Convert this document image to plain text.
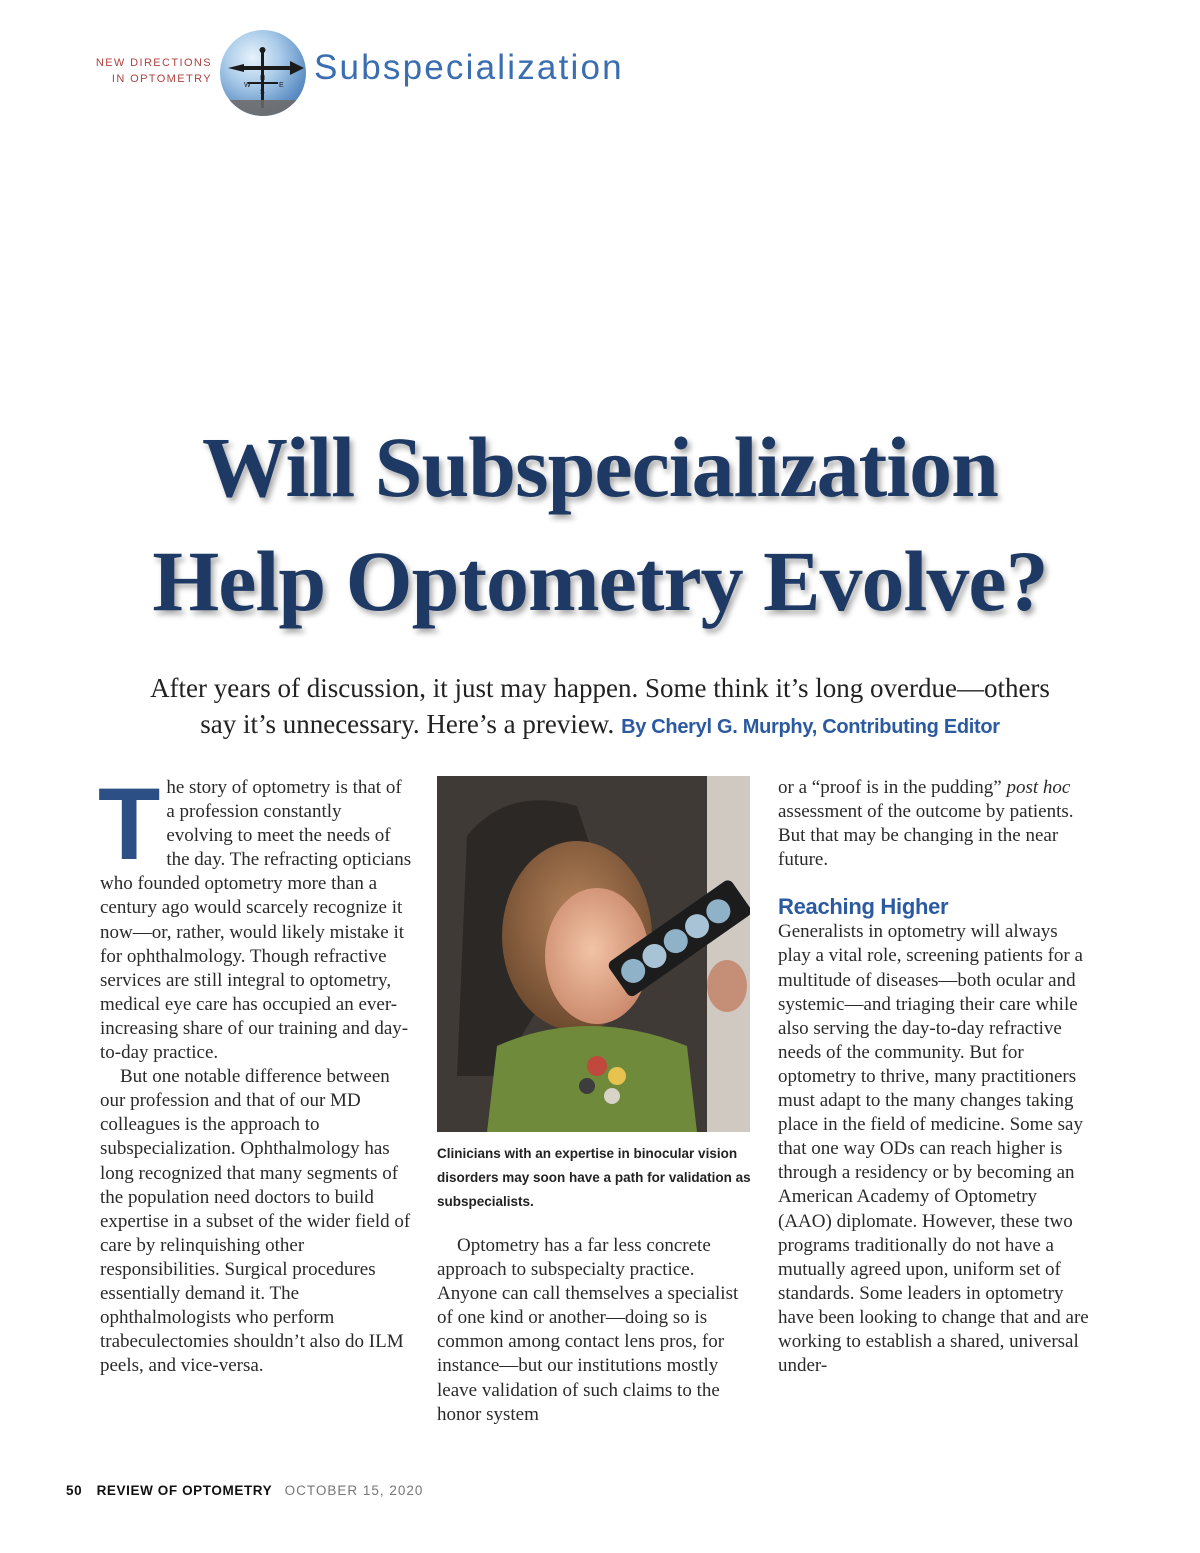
NEW DIRECTIONS
IN OPTOMETRY
W	E
N
S
Subspecialization
Will Subspecialization
Help Optometry Evolve?
After years of discussion, it just may happen. Some think it’s long overdue—others
say it’s unnecessary. Here’s a preview. By Cheryl G. Murphy, Contributing Editor

The story of optometry is that of a profession constantly evolving to meet the needs of the day. The refracting opticians who founded optometry more than a century ago would scarcely recognize it now—or, rather, would likely mistake it for ophthalmology. Though refractive services are still integral to optometry, medical eye care has occupied an ever-increasing share of our training and day-to-day practice.

But one notable difference between our profession and that of our MD colleagues is the approach to subspecialization. Ophthalmology has long recognized that many segments of the population need doctors to build expertise in a subset of the wider field of care by relinquishing other responsibilities. Surgical procedures essentially demand it. The ophthalmologists who perform trabeculectomies shouldn’t also do ILM peels, and vice-versa.

Clinicians with an expertise in binocular vision disorders may soon have a path for validation as subspecialists.

Optometry has a far less concrete approach to subspecialty practice. Anyone can call themselves a specialist of one kind or another—doing so is common among contact lens pros, for instance—but our institutions mostly leave validation of such claims to the honor system

or a “proof is in the pudding” post hoc assessment of the outcome by patients. But that may be changing in the near future.

Reaching Higher

Generalists in optometry will always play a vital role, screening patients for a multitude of diseases—both ocular and systemic—and triaging their care while also serving the day-to-day refractive needs of the community. But for optometry to thrive, many practitioners must adapt to the many changes taking place in the field of medicine. Some say that one way ODs can reach higher is through a residency or by becoming an American Academy of Optometry (AAO) diplomate. However, these two programs traditionally do not have a mutually agreed upon, uniform set of standards. Some leaders in optometry have been looking to change that and are working to establish a shared, universal under-

50 REVIEW OF OPTOMETRY OCTOBER 15, 2020
